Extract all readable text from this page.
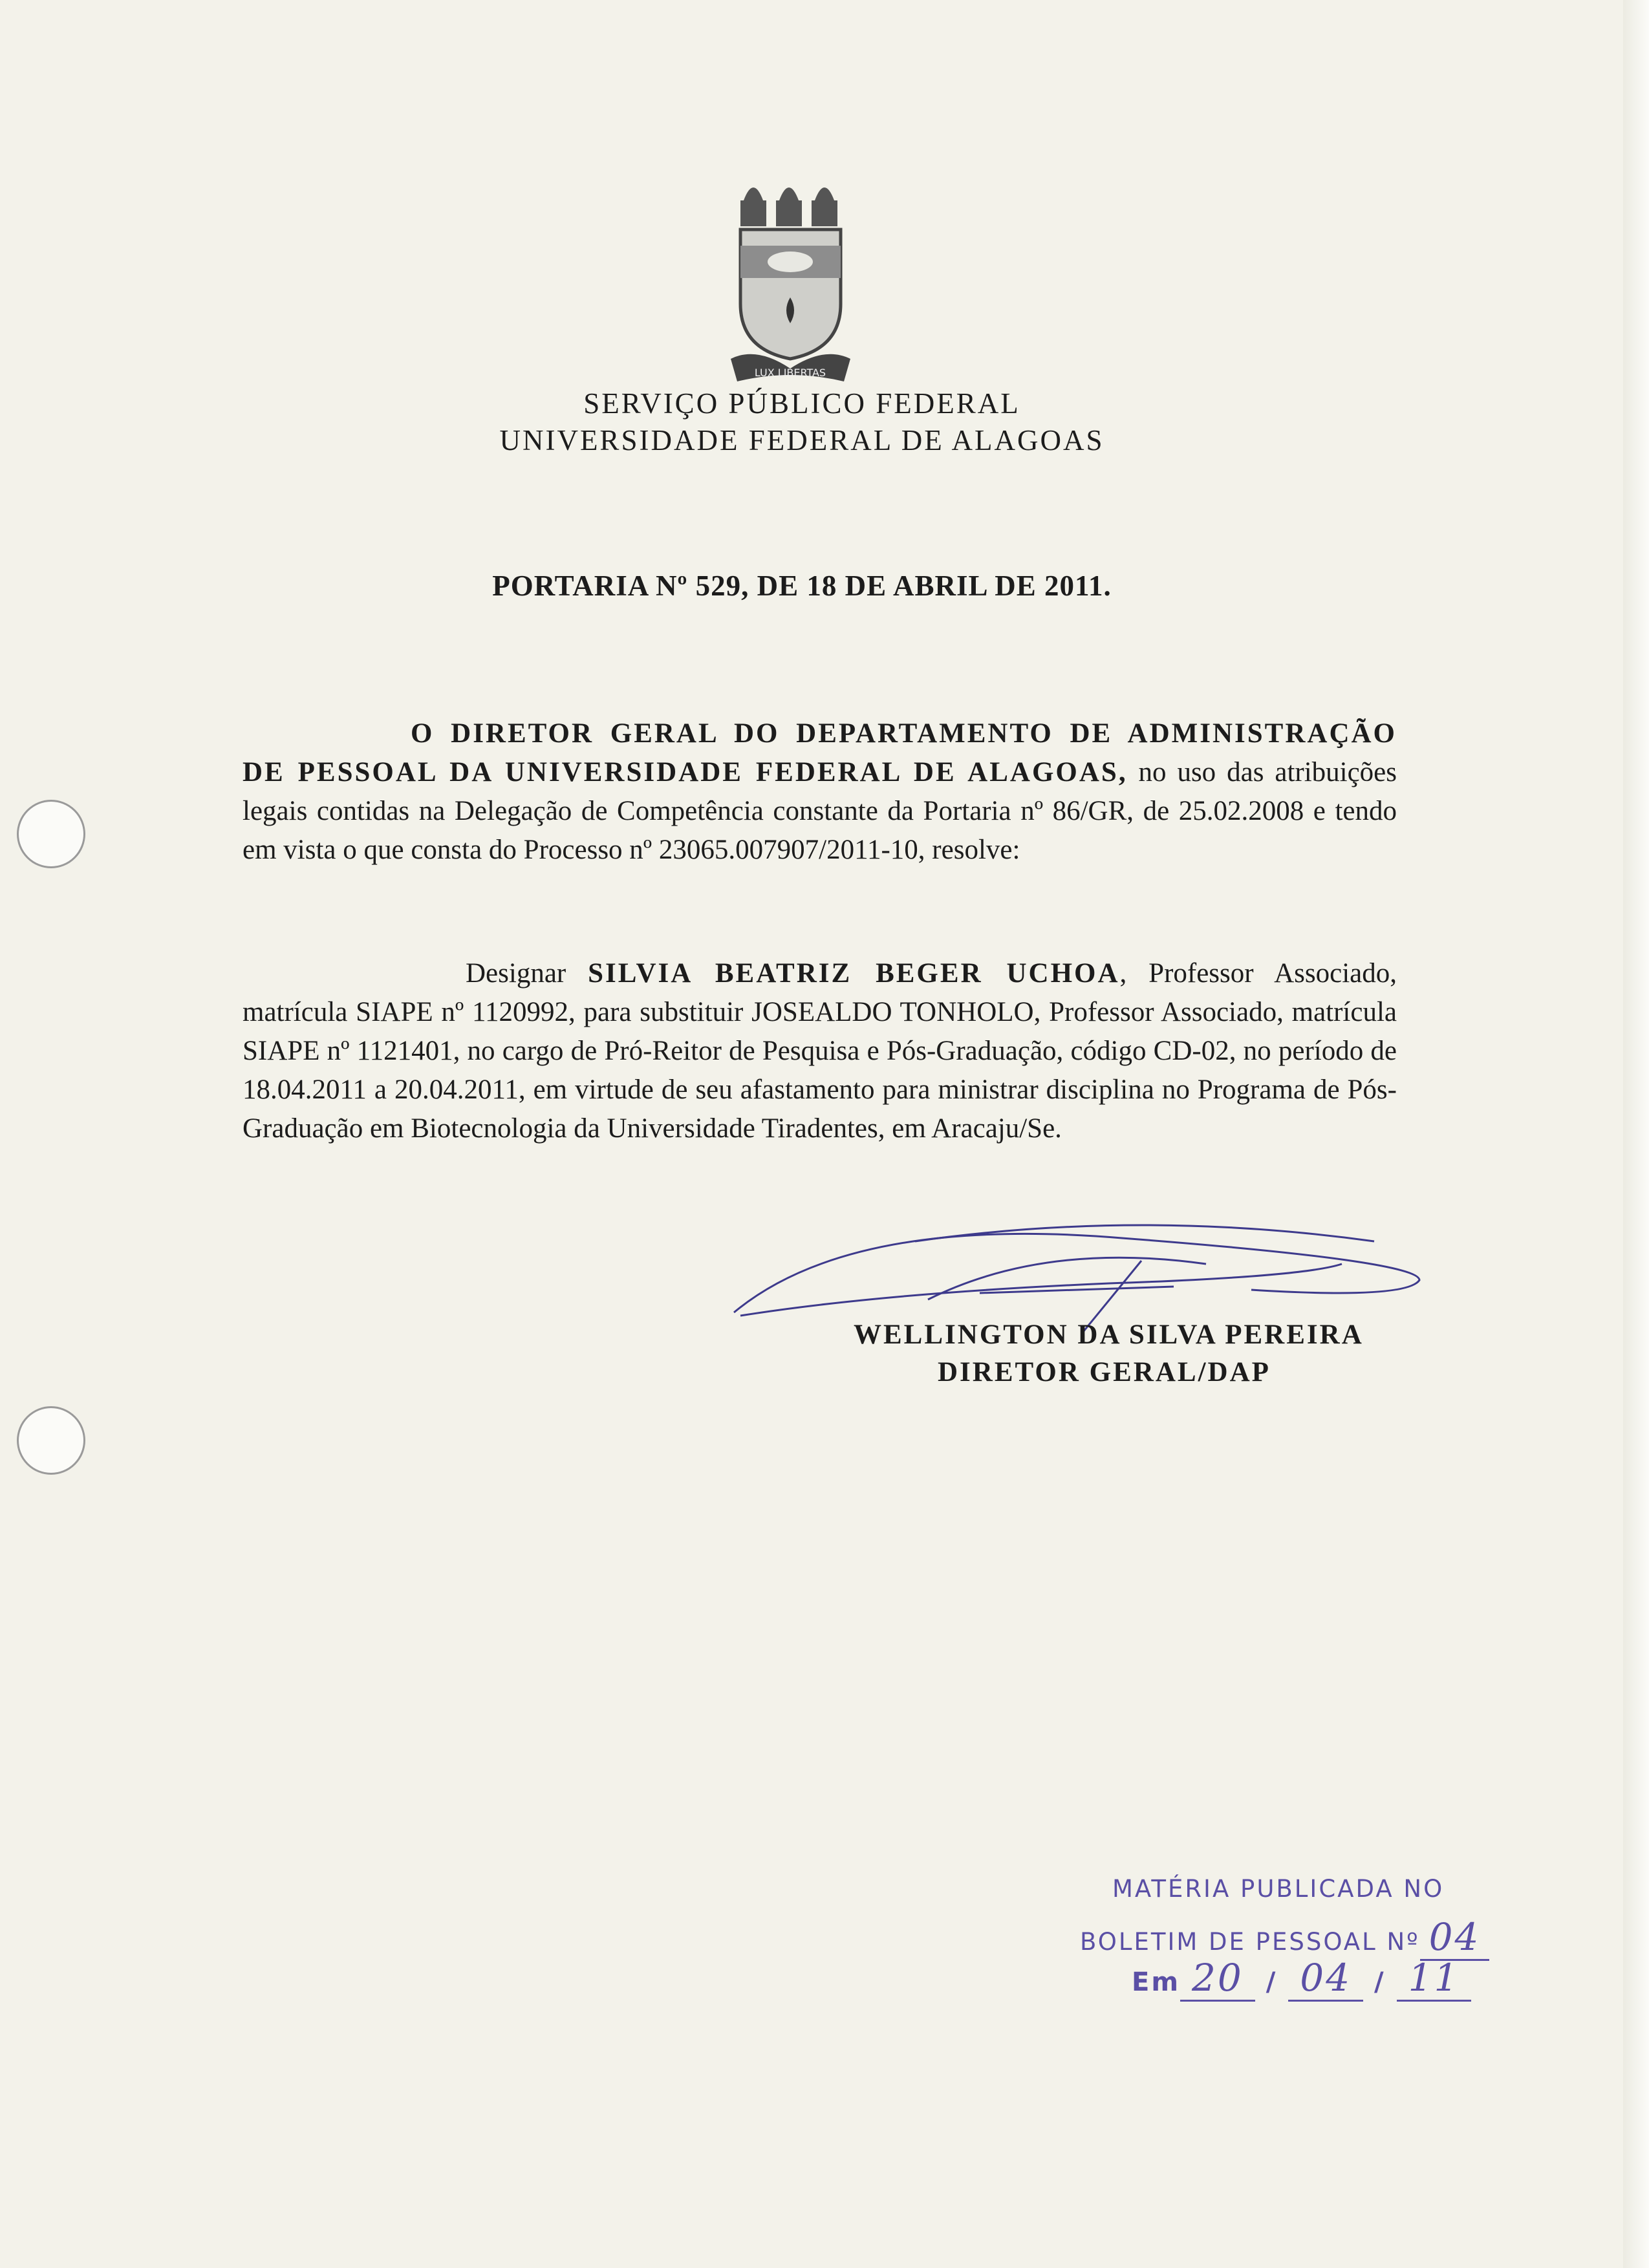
LUX LIBERTAS
SERVIÇO PÚBLICO FEDERAL
UNIVERSIDADE FEDERAL DE ALAGOAS
PORTARIA Nº 529, DE 18 DE ABRIL DE 2011.
O DIRETOR GERAL DO DEPARTAMENTO DE ADMINISTRAÇÃO DE PESSOAL DA UNIVERSIDADE FEDERAL DE ALAGOAS, no uso das atribuições legais contidas na Delegação de Competência constante da Portaria nº 86/GR, de 25.02.2008 e tendo em vista o que consta do Processo nº 23065.007907/2011-10, resolve:
Designar SILVIA BEATRIZ BEGER UCHOA, Professor Associado, matrícula SIAPE nº 1120992, para substituir JOSEALDO TONHOLO, Professor Associado, matrícula SIAPE nº 1121401, no cargo de Pró-Reitor de Pesquisa e Pós-Graduação, código CD-02, no período de 18.04.2011 a 20.04.2011, em virtude de seu afastamento para ministrar disciplina no Programa de Pós-Graduação em Biotecnologia da Universidade Tiradentes, em Aracaju/Se.
WELLINGTON DA SILVA PEREIRA
DIRETOR GERAL/DAP
MATÉRIA PUBLICADA NO
BOLETIM DE PESSOAL Nº 04
Em 20 / 04 / 11
